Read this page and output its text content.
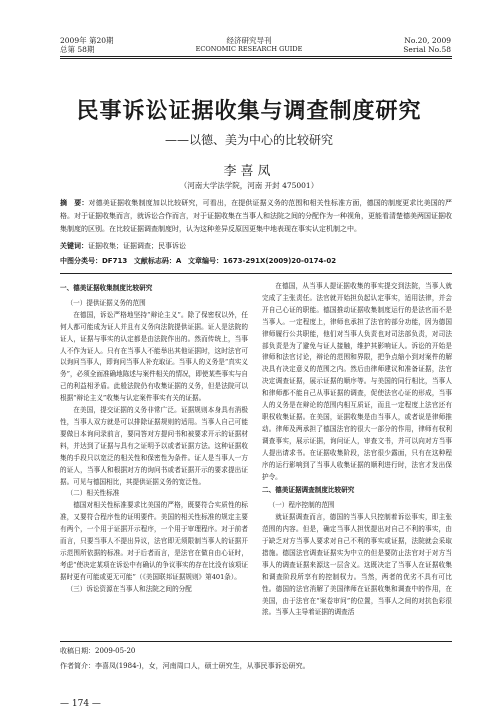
2009年 第20期
总第 58期
经济研究导刊
ECONOMIC RESEARCH GUIDE
No.20, 2009
Serial No.58
民事诉讼证据收集与调查制度研究
——以德、美为中心的比较研究
李喜凤
（河南大学法学院，河南 开封 475001）
摘　要：对德美证据收集制度加以比较研究，可看出，在提供证据义务的范围和相关性标准方面，德国的制度更求比美国的严格。对于证据收集而言，就诉讼合作而言，对于证据收集在当事人和法院之间的分配作为一种视角，更能看清楚德美两国证据收集制度的区别。在比较证据调查制度时，认为这种差异反原因更集中地表现在事实认定机制之中。
关键词：证据收集；证据调查；民事诉讼
中图分类号：DF713 文献标志码：A 文章编号：1673-291X(2009)20-0174-02

一、德美证据收集制度比较研究

（一）提供证据义务的范围

在德国，诉讼严格地坚持“辩论主义”。除了保密权以外，任何人都可能成为证人并且有义务向法院提供证据。证人是法院的证人，证据与事实的认定都是由法院作出的。然而传统上，当事人不作为证人。只有在当事人不能举出其他证据时，这时法官可以询问当事人，即询问当事人补充取证。当事人的义务是“真实义务”，必须全面准确地陈述与案件相关的情况，即使某些事实与自己的利益相矛盾。此般法院仍有收集证据的义务，但是法院可以根据“辩论主义”收集与认定案件事实有关的证据。

在美国，提交证据的义务非常广泛。证据规则本身具有消极性，当事人双方就是可以排除证据规则的适用。当事人自己可能要做日本询问录前言，要同答对方提问书和被要求开示的证据材料，并达到了证据与具有之证明予以或者证据方法。这种证据收集的手段只以宽泛的相关性和保密性为条件。证人是当事人一方的证人，当事人和根据对方的询问书或者证据开示的要求提出证据。可见与德国相比，其提供证据义务的宽泛性。

（二）相关性标准

德国对相关性标准要求比美国的严格，既要符合实质性的标准，又要符合程序性的证明要件。美国的相关性标准的规定主要有两个，一个用于证据开示程序，一个用于审理程序。对于前者而言，只要当事人不提出异议，法官即无须限制当事人的证据开示范围所依据的标准。对于后者而言，是法官在做自由心证时，考虑“使决定某项在诉讼中有确认的争议事实的存在比没有该项证据时更有可能或更无可能”（《美国联邦证据规则》第401条）。

（三）诉讼资源在当事人和法院之间的分配

在德国，从当事人提证据收集的事实提交到法院，当事人就完成了主张责任。法官就开始担负起认定事实，适用法律，并会开自己心证的职能。德国推动证据收集制度运行的是法官而不是当事人。一定程度上，律师也承担了法官的部分功能，因为德国律师履行公共职能，他们对当事人负责也对司法部负责，对司法部负责是为了避免与证人接触，维护其影响证人。诉讼的开始是律师和法官讨论，辩论的范围和界限，把争点缩小到对案件的解决具有决定意义的范围之内。然后由律师建议和准备证据，法官决定调查证据，展示证据的顺序等。与美国的同行相比，当事人和律师都不能自己从事证据的调查，促使法官心证的形成，当事人的义务是在辩论的范围内相互质证，而且一定程度上法官还有职权收集证据。在美国，证据收集是由当事人，或者说是律师推动。律师及两承担了德国法官的很大一部分的作用，律师有权利调查事实，展示证据，询问证人，审查文书，并可以向对方当事人提出请求书。在证据收集阶段，法官很少露面，只有在这种程序的运行影响到了当事人收集证据的顺利进行时，法官才发出保护令。

二、德美证据调查制度比较研究

（一）程序控制的范围

就证据调查而言，德国的当事人只控制着诉讼事实，即主张范围的内容。但是，确定当事人担忧提出对自己不利的事实，由于缺乏对方当事人要求对自己不利的事实或证据，法院就会采取措施。德国法官调查证据实为中立的但是要防止法官对于对方当事人的调查证据来源这一层含义。这既决定了当事人在证据收集和调查阶段所享有的控制权力。当然，两者的优劣不具有可比性。德国的法官消解了美国律师在证据收集和调查中的作用，在美国，由于法官在“案卷审问”的位置，当事人之间的对抗色彩很浓。当事人主导着证据的调查活

收稿日期：2009-05-20
作者简介：李喜凤(1984-)，女，河南周口人，硕士研究生，从事民事诉讼研究。
— 174 —
